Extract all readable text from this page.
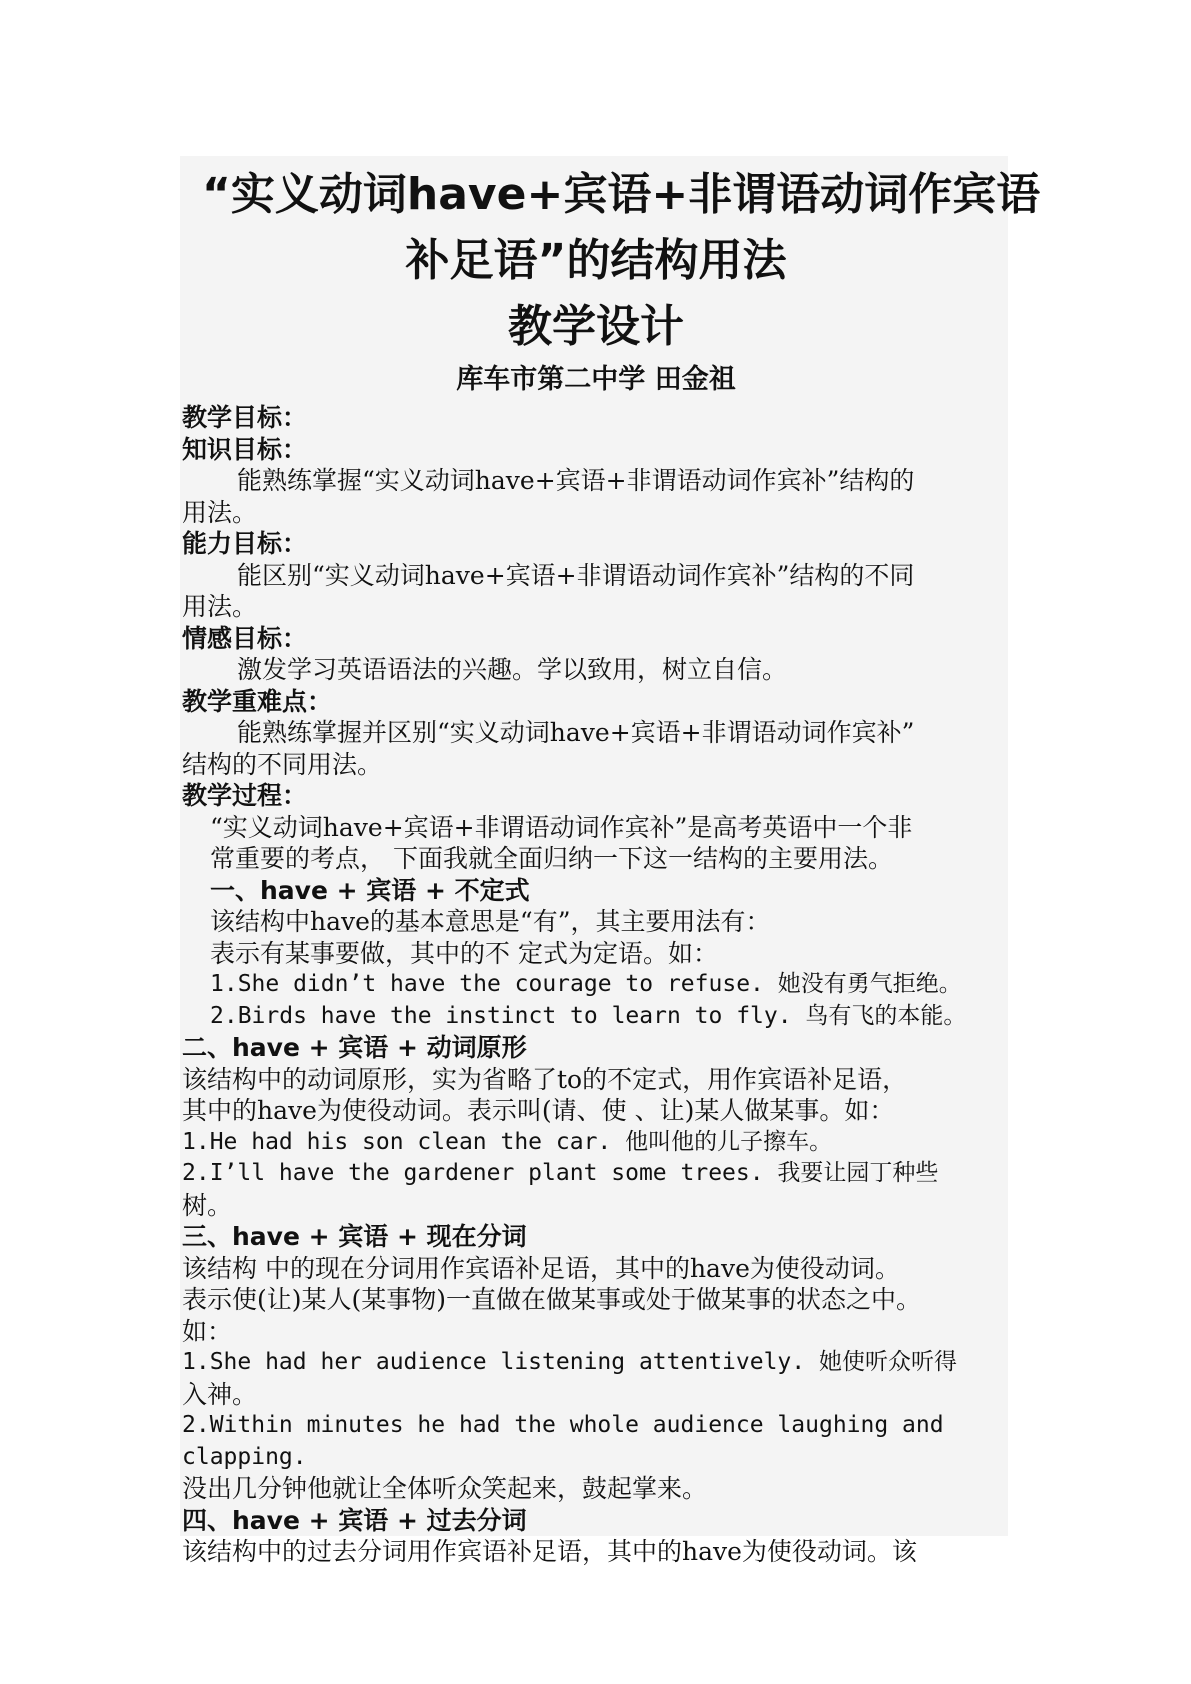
“实义动词have+宾语+非谓语动词作宾语

补足语”的结构用法

教学设计

库车市第二中学 田金祖

教学目标：

知识目标：

能熟练掌握“实义动词have+宾语+非谓语动词作宾补”结构的

用法。

能力目标：

能区别“实义动词have+宾语+非谓语动词作宾补”结构的不同

用法。

情感目标：

激发学习英语语法的兴趣。学以致用，树立自信。

教学重难点：

能熟练掌握并区别“实义动词have+宾语+非谓语动词作宾补”

结构的不同用法。

教学过程：

“实义动词have+宾语+非谓语动词作宾补”是高考英语中一个非

常重要的考点， 下面我就全面归纳一下这一结构的主要用法。

一、have + 宾语 + 不定式

该结构中have的基本意思是“有”，其主要用法有：

表示有某事要做，其中的不 定式为定语。如：

1.She didn’t have the courage to refuse. 她没有勇气拒绝。

2.Birds have the instinct to learn to fly. 鸟有飞的本能。

二、have + 宾语 + 动词原形

该结构中的动词原形，实为省略了to的不定式，用作宾语补足语，

其中的have为使役动词。表示叫(请、使 、让)某人做某事。如：

1.He had his son clean the car. 他叫他的儿子擦车。

2.I’ll have the gardener plant some trees. 我要让园丁种些

树。

三、have + 宾语 + 现在分词

该结构 中的现在分词用作宾语补足语，其中的have为使役动词。

表示使(让)某人(某事物)一直做在做某事或处于做某事的状态之中。

如：

1.She had her audience listening attentively. 她使听众听得

入神。

2.Within minutes he had the whole audience laughing and

clapping.

没出几分钟他就让全体听众笑起来，鼓起掌来。

四、have + 宾语 + 过去分词

该结构中的过去分词用作宾语补足语，其中的have为使役动词。该
